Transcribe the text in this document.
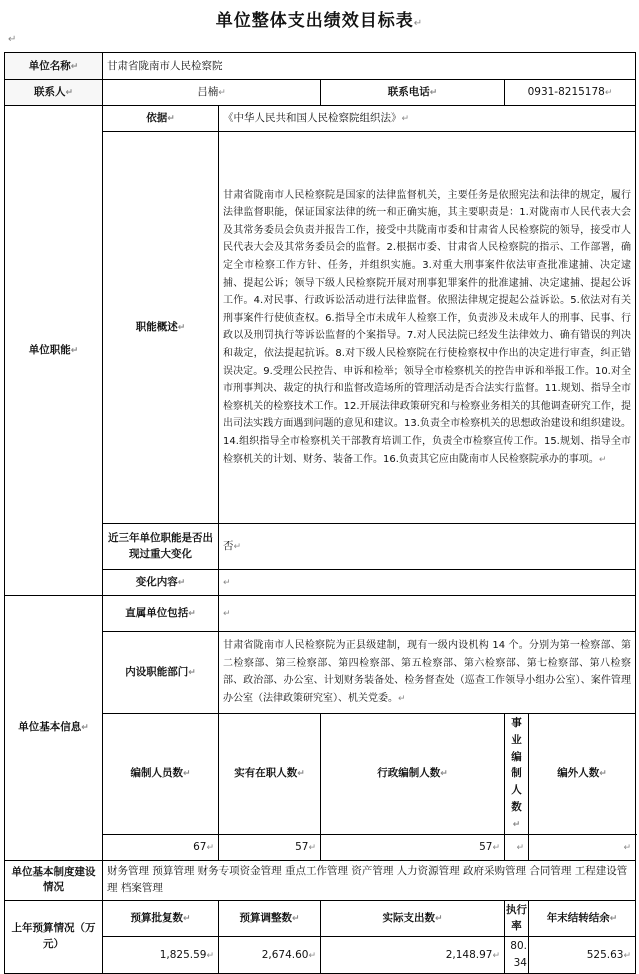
单位整体支出绩效目标表↵
↵
单位名称↵	甘肃省陇南市人民检察院				
联系人↵	吕楠↵		联系电话↵	0931-8215178↵	
单位职能↵	依据↵	《中华人民共和国人民检察院组织法》↵			
	职能概述↵	甘肃省陇南市人民检察院是国家的法律监督机关，主要任务是依照宪法和法律的规定，履行法律监督职能，保证国家法律的统一和正确实施，其主要职责是：1.对陇南市人民代表大会及其常务委员会负责并报告工作，接受中共陇南市委和甘肃省人民检察院的领导，接受市人民代表大会及其常务委员会的监督。2.根据市委、甘肃省人民检察院的指示、工作部署，确定全市检察工作方针、任务，并组织实施。3.对重大刑事案件依法审查批准逮捕、决定逮捕、提起公诉；领导下级人民检察院开展对刑事犯罪案件的批准逮捕、决定逮捕、提起公诉工作。4.对民事、行政诉讼活动进行法律监督。依照法律规定提起公益诉讼。5.依法对有关刑事案件行使侦查权。6.指导全市未成年人检察工作，负责涉及未成年人的刑事、民事、行政以及刑罚执行等诉讼监督的个案指导。7.对人民法院已经发生法律效力、确有错误的判决和裁定，依法提起抗诉。8.对下级人民检察院在行使检察权中作出的决定进行审查，纠正错误决定。9.受理公民控告、申诉和检举；领导全市检察机关的控告申诉和举报工作。10.对全市刑事判决、裁定的执行和监督改造场所的管理活动是否合法实行监督。11.规划、指导全市检察机关的检察技术工作。12.开展法律政策研究和与检察业务相关的其他调查研究工作，提出司法实践方面遇到问题的意见和建议。13.负责全市检察机关的思想政治建设和组织建设。14.组织指导全市检察机关干部教育培训工作，负责全市检察宣传工作。15.规划、指导全市检察机关的计划、财务、装备工作。16.负责其它应由陇南市人民检察院承办的事项。↵			
	近三年单位职能是否出现过重大变化	否↵			
	变化内容↵	↵			
单位基本信息↵	直属单位包括↵	↵			
	内设职能部门↵	甘肃省陇南市人民检察院为正县级建制，现有一级内设机构 14 个。分别为第一检察部、第二检察部、第三检察部、第四检察部、第五检察部、第六检察部、第七检察部、第八检察部、政治部、办公室、计划财务装备处、检务督查处（巡查工作领导小组办公室）、案件管理办公室（法律政策研究室）、机关党委。↵			
	编制人员数↵	实有在职人数↵	行政编制人数↵	事业编制人数↵	编外人数↵
	67↵	57↵	57↵	↵	↵
单位基本制度建设情况	财务管理 预算管理 财务专项资金管理 重点工作管理 资产管理 人力资源管理 政府采购管理 合同管理 工程建设管理 档案管理				
上年预算情况（万元）	预算批复数↵	预算调整数↵	实际支出数↵	执行率	年末结转结余↵
	1,825.59↵	2,674.60↵	2,148.97↵	80.34	525.63↵
